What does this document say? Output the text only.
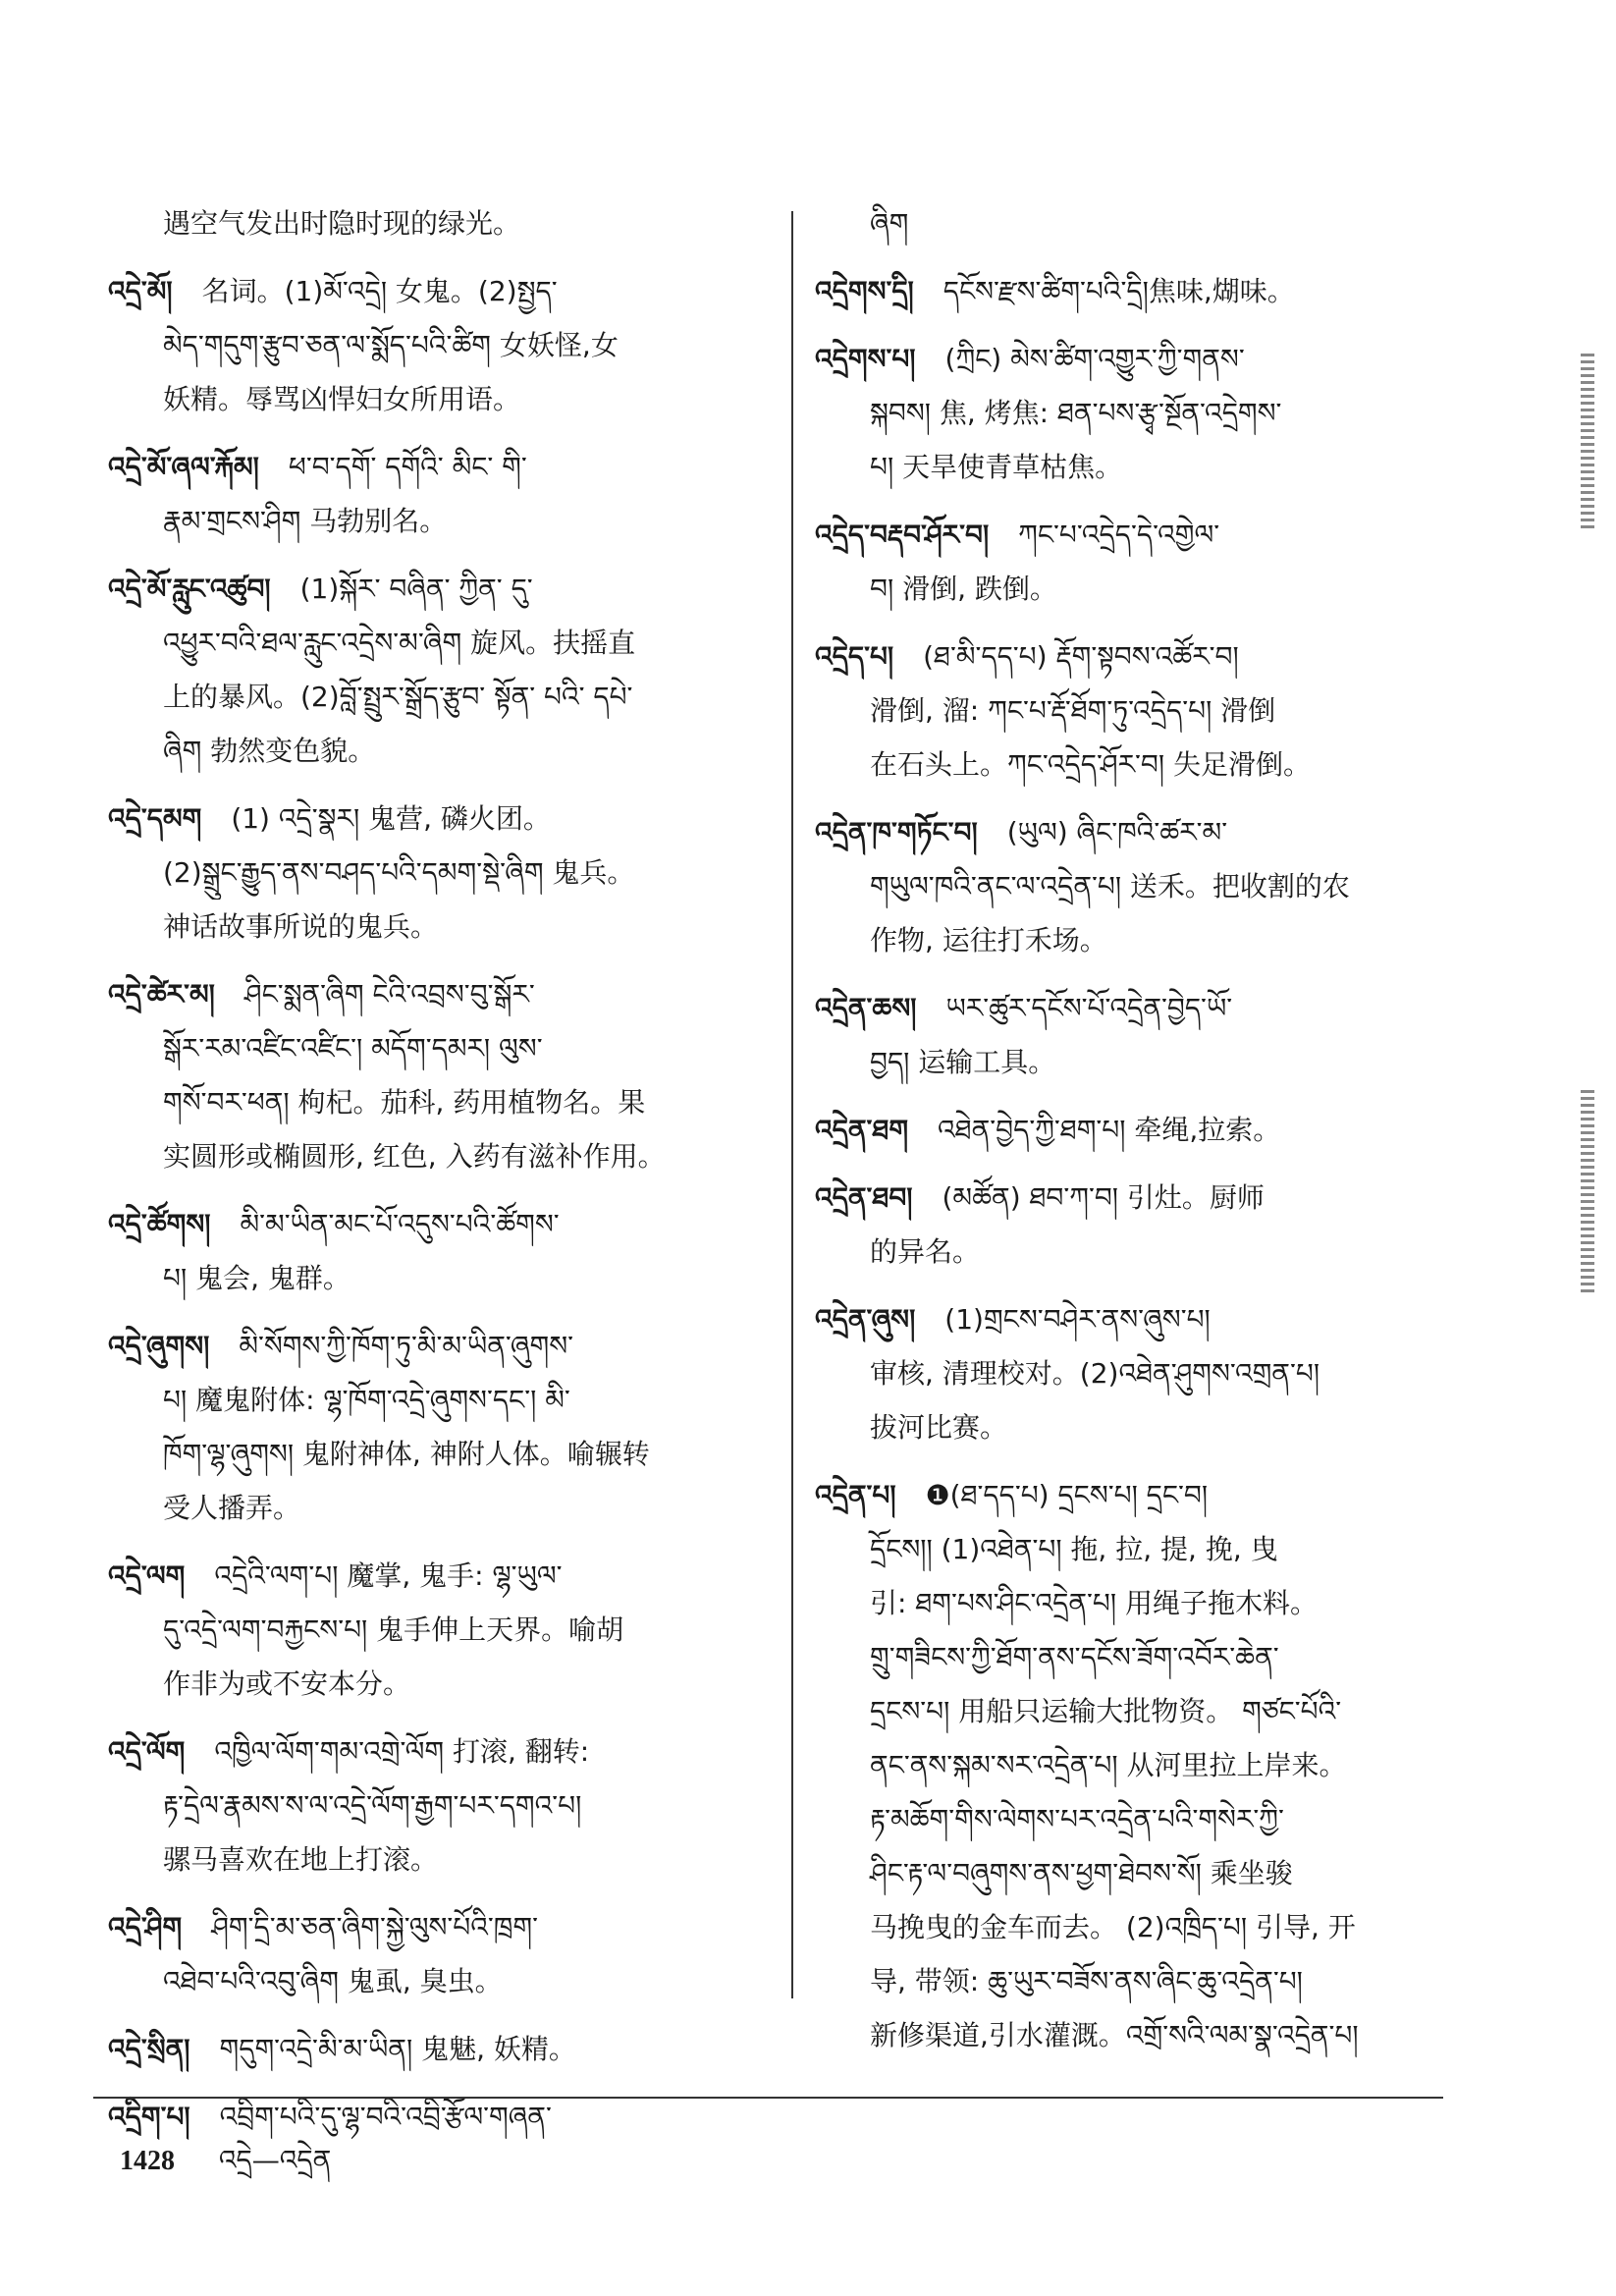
遇空气发出时隐时现的绿光。
འདྲེ་མོ། 名词。(1)མོ་འདྲེ། 女鬼。(2)སྤྱད་
མེད་གདུག་རྩུབ་ཅན་ལ་སྨོད་པའི་ཚིག 女妖怪,女
妖精。辱骂凶悍妇女所用语。
འདྲེ་མོ་ཞལ་རྐོམ། ཕ་བ་དགོ་ དགོའི་ མིང་ གི་
རྣམ་གྲངས་ཤིག 马勃别名。
འདྲེ་མོ་རླུང་འཚུབ། (1)སྐོར་ བཞིན་ ཀྱིན་ དུ་
འཕྱུར་བའི་ཐལ་རླུང་འདྲེས་མ་ཞིག 旋风。扶摇直
上的暴风。(2)བློ་སྤྲུར་སྒྲོད་རྩུབ་ སྟོན་ པའི་ དཔེ་
ཞིག 勃然变色貌。
འདྲེ་དམག (1) འདྲེ་སྣར། 鬼营, 磷火团。
(2)སྒྲུང་རྒྱུད་ནས་བཤད་པའི་དམག་སྡེ་ཞིག 鬼兵。
神话故事所说的鬼兵。
འདྲེ་ཚེར་མ། ཤིང་སྨན་ཞིག ངེའི་འབྲས་བུ་སྒོར་
སྒོར་རམ་འཛིང་འཛིང་། མདོག་དམར། ལུས་
གསོ་བར་ཕན། 枸杞。茄科, 药用植物名。果
实圆形或椭圆形, 红色, 入药有滋补作用。
འདྲེ་ཚོགས། མི་མ་ཡིན་མང་པོ་འདུས་པའི་ཚོགས་
པ། 鬼会, 鬼群。
འདྲེ་ཞུགས། མི་སོགས་ཀྱི་ཁོག་ཏུ་མི་མ་ཡིན་ཞུགས་
པ། 魔鬼附体: ལྷ་ཁོག་འདྲེ་ཞུགས་དང་། མི་
ཁོག་ལྷ་ཞུགས། 鬼附神体, 神附人体。喻辗转
受人播弄。
འདྲེ་ལག འདྲེའི་ལག་པ། 魔掌, 鬼手: ལྷ་ཡུལ་
དུ་འདྲེ་ལག་བརྐྱངས་པ། 鬼手伸上天界。喻胡
作非为或不安本分。
འདྲེ་ལོག འཁྱིལ་ལོག་གམ་འགྲེ་ལོག 打滚, 翻转:
རྟ་དྲེལ་རྣམས་ས་ལ་འདྲེ་ལོག་རྒྱག་པར་དགའ་པ།
骡马喜欢在地上打滚。
འདྲེ་ཤིག ཤིག་དྲི་མ་ཅན་ཞིག་སྐྱེ་ལུས་པོའི་ཁྲག་
འཐེབ་པའི་འབུ་ཞིག 鬼虱, 臭虫。
འདྲེ་སྲིན། གདུག་འདྲེ་མི་མ་ཡིན། 鬼魅, 妖精。
འདྲིག་པ། འབྲིག་པའི་དུ་ལྷ་བའི་འབྲི་རྩོལ་གཞན་
ཞིག
འདྲེགས་དྲི། དངོས་རྫས་ཚིག་པའི་དྲི།焦味,煳味。
འདྲེགས་པ། (ཀྲིང) མེས་ཚིག་འགྱུར་ཀྱི་གནས་
སྐབས། 焦, 烤焦: ཐན་པས་རྩྭ་སྔོན་འདྲེགས་
པ། 天旱使青草枯焦。
འདྲེད་བརྡབ་ཤོར་བ། ཀང་པ་འདྲེད་དེ་འགྱེལ་
བ། 滑倒, 跌倒。
འདྲེད་པ། (ཐ་མི་དད་པ) རྡོག་སྟབས་འཚོར་བ།
滑倒, 溜: ཀང་པ་རྡོ་ཐོག་ཏུ་འདྲེད་པ། 滑倒
在石头上。ཀང་འདྲེད་ཤོར་བ། 失足滑倒。
འདྲེན་ཁ་གཏོང་བ། (ཡུལ) ཞིང་ཁའི་ཚར་མ་
གཡུལ་ཁའི་ནང་ལ་འདྲེན་པ། 送禾。把收割的农
作物, 运往打禾场。
འདྲེན་ཆས། ཡར་ཚུར་དངོས་པོ་འདྲེན་བྱེད་ཡོ་
བྱད། 运输工具。
འདྲེན་ཐག འཐེན་བྱེད་ཀྱི་ཐག་པ། 牵绳,拉索。
འདྲེན་ཐབ། (མཚོན) ཐབ་ཀ་བ། 引灶。厨师
的异名。
འདྲེན་ཞུས། (1)གྲངས་བཤེར་ནས་ཞུས་པ།
审核, 清理校对。(2)འཐེན་ཤུགས་འགྲན་པ།
拔河比赛。
འདྲེན་པ། ❶(ཐ་དད་པ) དྲངས་པ། དྲང་བ།
དྲོངས།། (1)འཐེན་པ། 拖, 拉, 提, 挽, 曳
引: ཐག་པས་ཤིང་འདྲེན་པ། 用绳子拖木料。
གྲུ་གཟིངས་ཀྱི་ཐོག་ནས་དངོས་ཟོག་འབོར་ཆེན་
དྲངས་པ། 用船只运输大批物资。 གཙང་པོའི་
ནང་ནས་སྐམ་སར་འདྲེན་པ། 从河里拉上岸来。
རྟ་མཆོག་གིས་ལེགས་པར་འདྲེན་པའི་གསེར་ཀྱི་
ཤིང་རྟ་ལ་བཞུགས་ནས་ཕྱག་ཐེབས་སོ། 乘坐骏
马挽曳的金车而去。 (2)འཁྲིད་པ། 引导, 开
导, 带领: ཆུ་ཡུར་བཟོས་ནས་ཞིང་ཆུ་འདྲེན་པ།
新修渠道,引水灌溉。འགྲོ་སའི་ལམ་སྣ་འདྲེན་པ།
1428 འདྲེ—འདྲེན
